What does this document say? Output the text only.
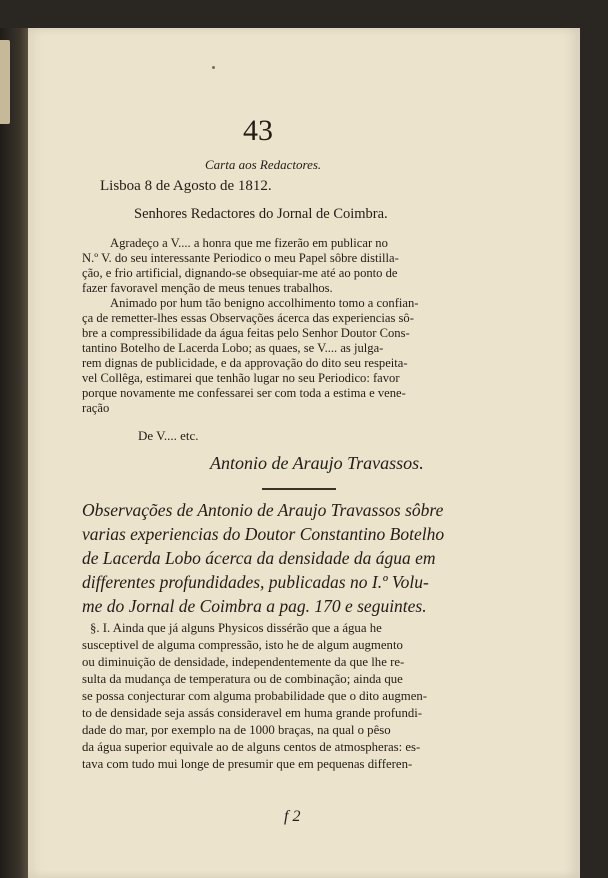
43
Carta aos Redactores.
Lisboa 8 de Agosto de 1812.
Senhores Redactores do Jornal de Coimbra.
Agradeço a V.... a honra que me fizerão em publicar no
N.º V. do seu interessante Periodico o meu Papel sôbre distilla-
ção, e frio artificial, dignando-se obsequiar-me até ao ponto de
fazer favoravel menção de meus tenues trabalhos.
Animado por hum tão benigno accolhimento tomo a confian-
ça de remetter-lhes essas Observações ácerca das experiencias sô-
bre a compressibilidade da água feitas pelo Senhor Doutor Cons-
tantino Botelho de Lacerda Lobo; as quaes, se V.... as julga-
rem dignas de publicidade, e da approvação do dito seu respeita-
vel Collêga, estimarei que tenhão lugar no seu Periodico: favor
porque novamente me confessarei ser com toda a estima e vene-
ração
De V.... etc.
Antonio de Araujo Travassos.
Observações de Antonio de Araujo Travassos sôbre
varias experiencias do Doutor Constantino Botelho
de Lacerda Lobo ácerca da densidade da água em
differentes profundidades, publicadas no I.º Volu-
me do Jornal de Coimbra a pag. 170 e seguintes.
§. I. Ainda que já alguns Physicos dissérão que a água he
susceptivel de alguma compressão, isto he de algum augmento
ou diminuição de densidade, independentemente da que lhe re-
sulta da mudança de temperatura ou de combinação; ainda que
se possa conjecturar com alguma probabilidade que o dito augmen-
to de densidade seja assás consideravel em huma grande profundi-
dade do mar, por exemplo na de 1000 braças, na qual o pêso
da água superior equivale ao de alguns centos de atmospheras: es-
tava com tudo mui longe de presumir que em pequenas differen-
f 2
